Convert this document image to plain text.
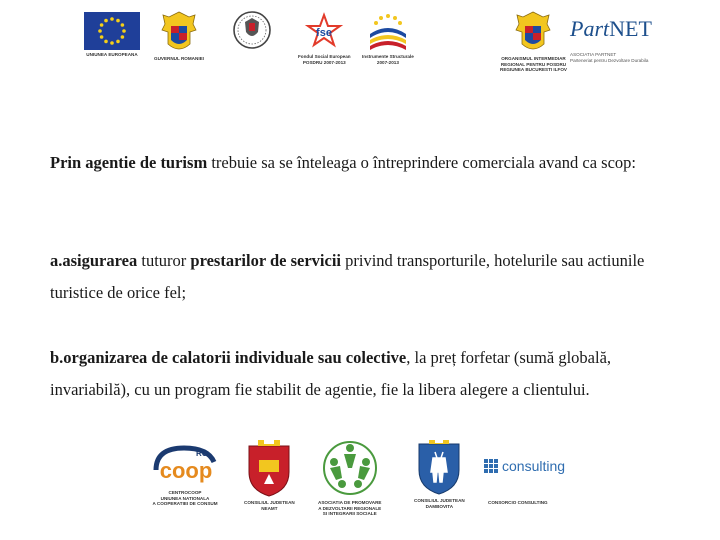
UNIUNEA EUROPEANA
GUVERNUL ROMANIEI
fse
Fondul Social European
POSDRU 2007-2013
Instrumente Structurale
2007-2013
ORGANISMUL INTERMEDIAR
REGIONAL PENTRU POSDRU
REGIUNEA BUCURESTI ILFOV
PartNET
ASOCIATIA PARTNET
Parteneriat pentru Dezvoltare Durabila

Prin agentie de turism trebuie sa se înteleaga o întreprindere comerciala avand ca scop:

a.asigurarea tuturor prestarilor de servicii privind transporturile, hotelurile sau actiunile turistice de orice fel;

b.organizarea de calatorii individuale sau colective, la preț forfetar (sumă globală, invariabilă), cu un program fie stabilit de agentie, fie la libera alegere a clientului.

RO
coop
CENTROCOOP
UNIUNEA NATIONALA
A COOPERATIEI DE CONSUM	CONSILIUL JUDETEAN
NEAMT
ASOCIATIA DE PROMOVARE
A DEZVOLTARII REGIONALE
SI INTEGRARII SOCIALE
CONSILIUL JUDETEAN
DAMBOVITA
consulting
CONSORCIO CONSULTING
